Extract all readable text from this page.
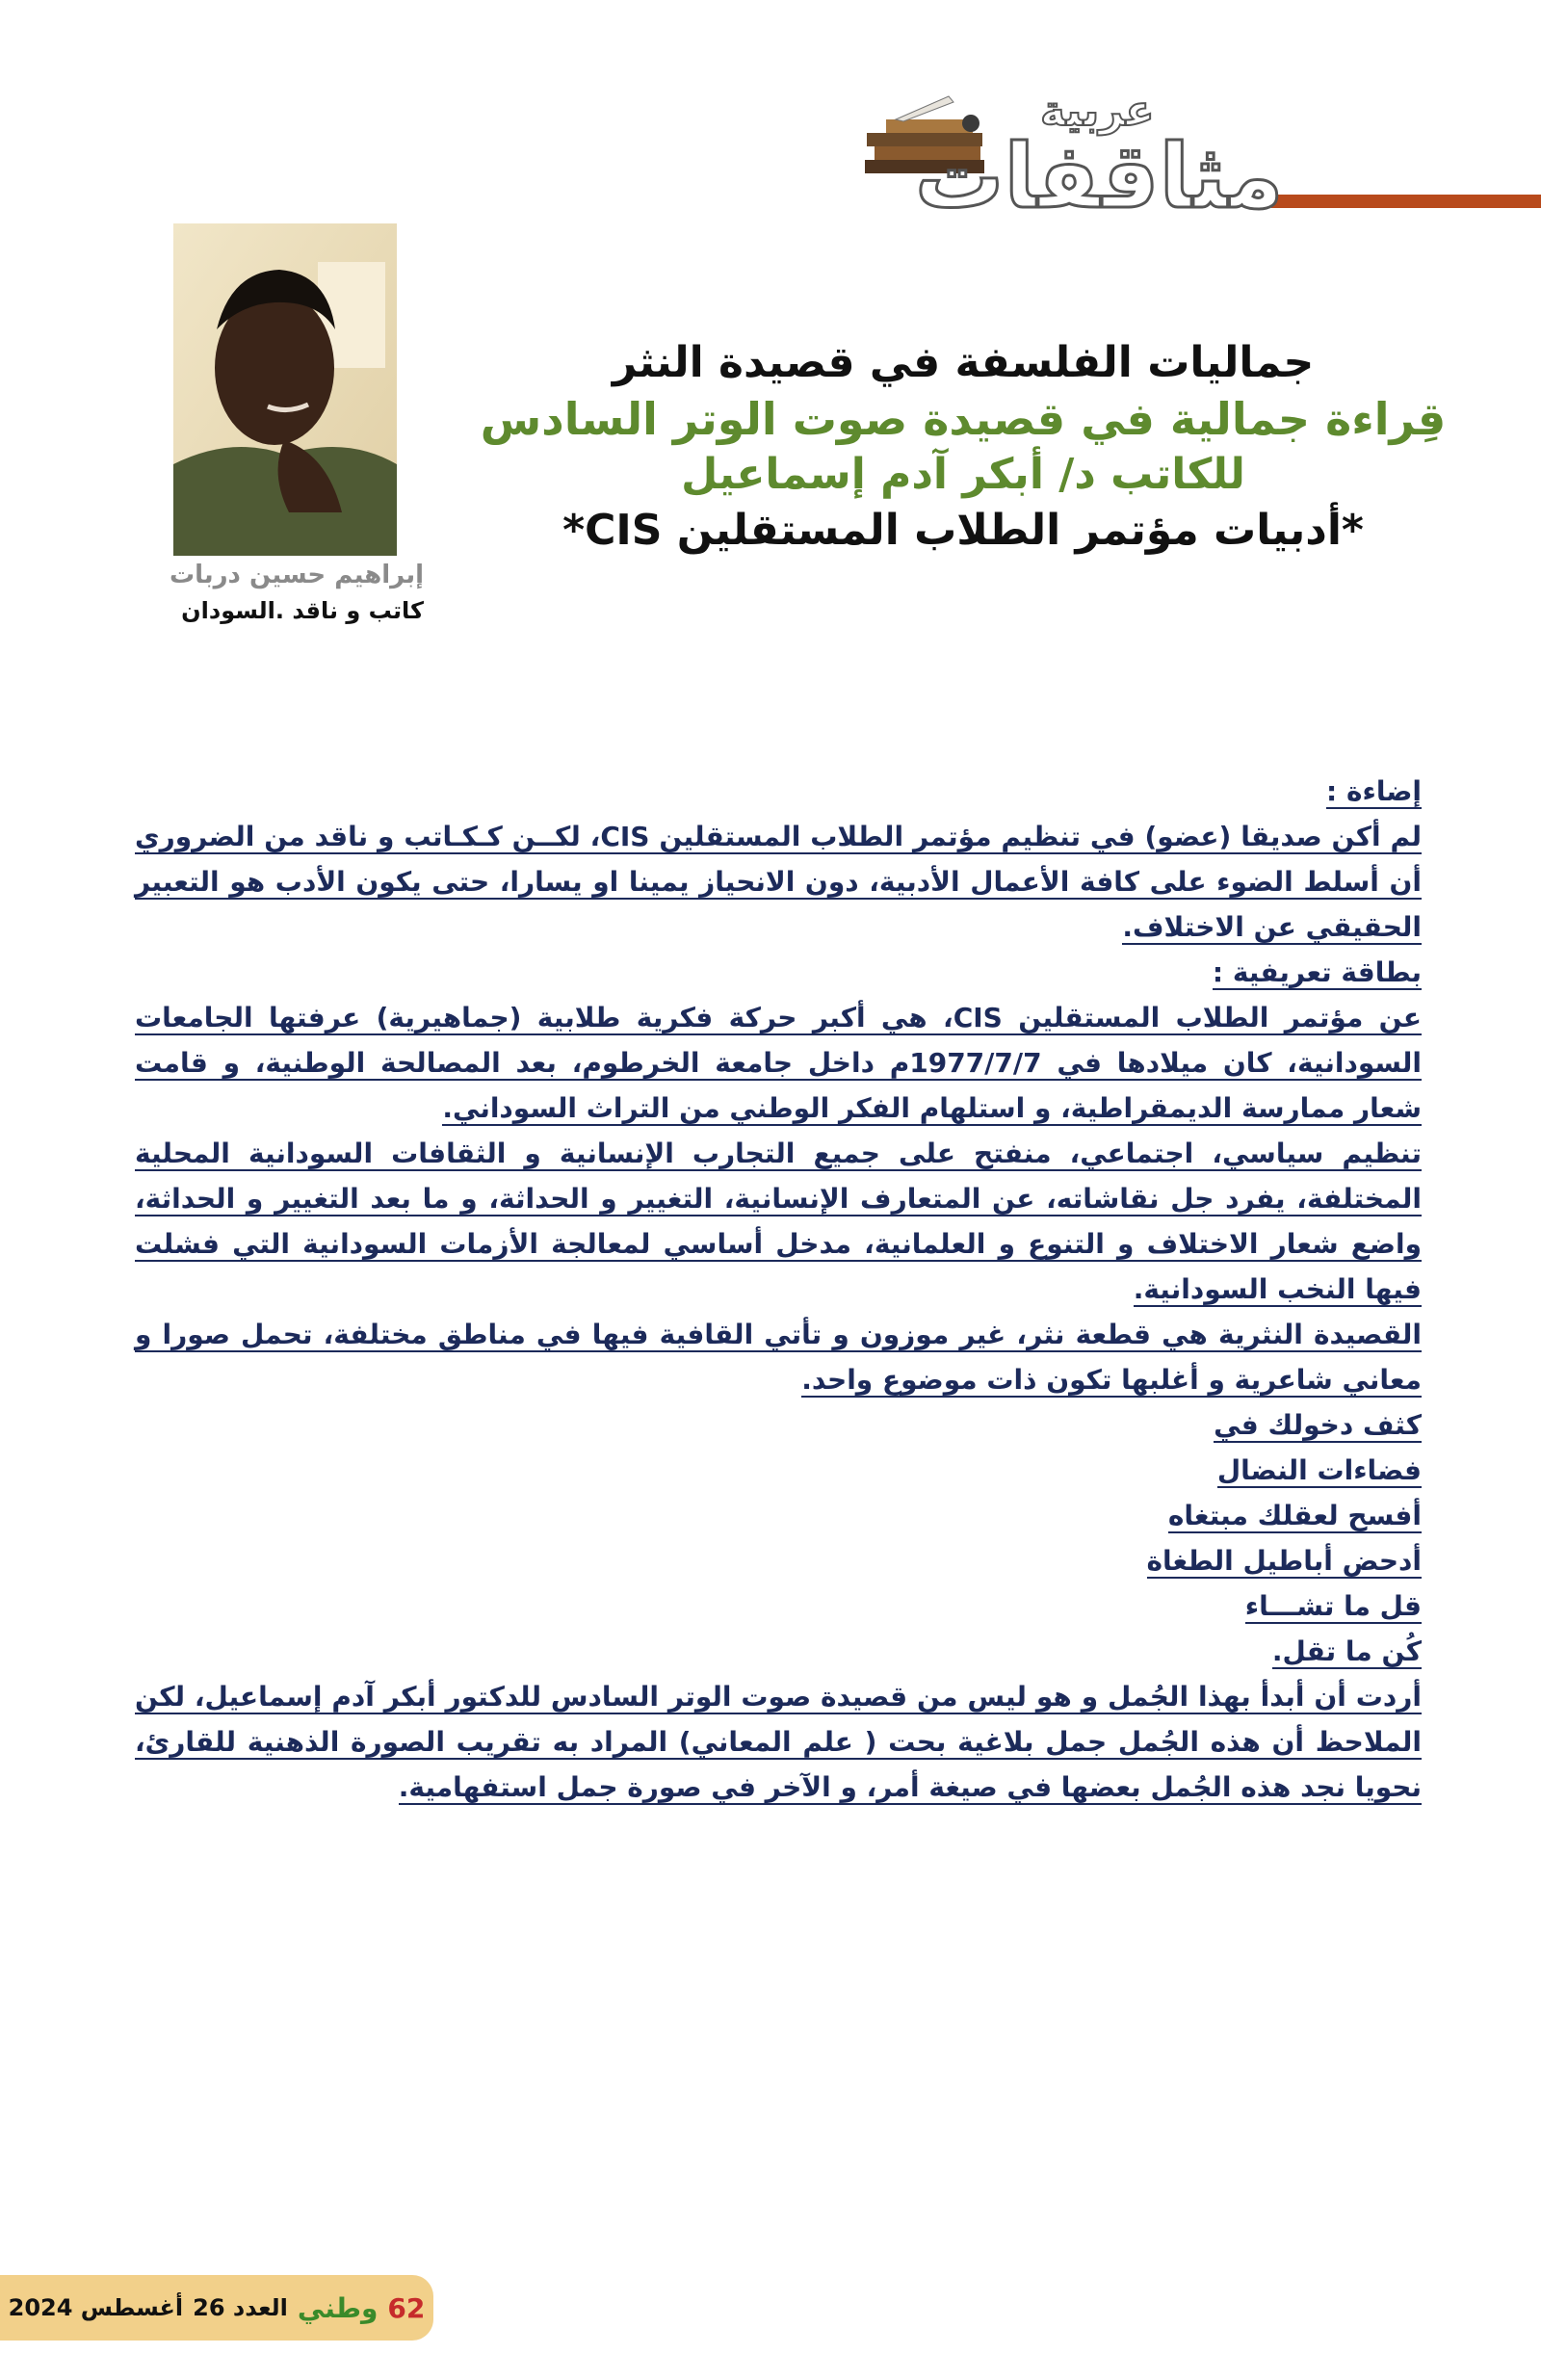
عربية
مثاقفات
إبراهيم حسين دربات
كاتب و ناقد .السودان
جماليات الفلسفة في قصيدة النثر
قِراءة جمالية في قصيدة صوت الوتر السادس
للكاتب د/ أبكر آدم إسماعيل
*أدبيات مؤتمر الطلاب المستقلين CIS*

إضاءة :

لم أكن صديقا (عضو) في تنظيم مؤتمر الطلاب المستقلين CIS، لكــن كـكـاتب و ناقد من الضروري أن أسلط الضوء على كافة الأعمال الأدبية، دون الانحياز يمينا او يسارا، حتى يكون الأدب هو التعبير الحقيقي عن الاختلاف.

بطاقة تعريفية :

عن مؤتمر الطلاب المستقلين CIS، هي أكبر حركة فكرية طلابية (جماهيرية) عرفتها الجامعات السودانية، كان ميلادها في 1977/7/7م داخل جامعة الخرطوم، بعد المصالحة الوطنية، و قامت شعار ممارسة الديمقراطية، و استلهام الفكر الوطني من التراث السوداني.

تنظيم سياسي، اجتماعي، منفتح على جميع التجارب الإنسانية و الثقافات السودانية المحلية المختلفة، يفرد جل نقاشاته، عن المتعارف الإنسانية، التغيير و الحداثة، و ما بعد التغيير و الحداثة، واضع شعار الاختلاف و التنوع و العلمانية، مدخل أساسي لمعالجة الأزمات السودانية التي فشلت فيها النخب السودانية.

القصيدة النثرية هي قطعة نثر، غير موزون و تأتي القافية فيها في مناطق مختلفة، تحمل صورا و معاني شاعرية و أغلبها تكون ذات موضوع واحد.

كثف دخولك في

فضاءات النضال

أفسح لعقلك مبتغاه

أدحض أباطيل الطغاة

قل ما تشـــاء

كُن ما تقل.

أردت أن أبدأ بهذا الجُمل و هو ليس من قصيدة صوت الوتر السادس للدكتور أبكر آدم إسماعيل، لكن الملاحظ أن هذه الجُمل جمل بلاغية بحت ( علم المعاني) المراد به تقريب الصورة الذهنية للقارئ، نحويا نجد هذه الجُمل بعضها في صيغة أمر، و الآخر في صورة جمل استفهامية.

62
وطني
العدد 26
أغسطس 2024
